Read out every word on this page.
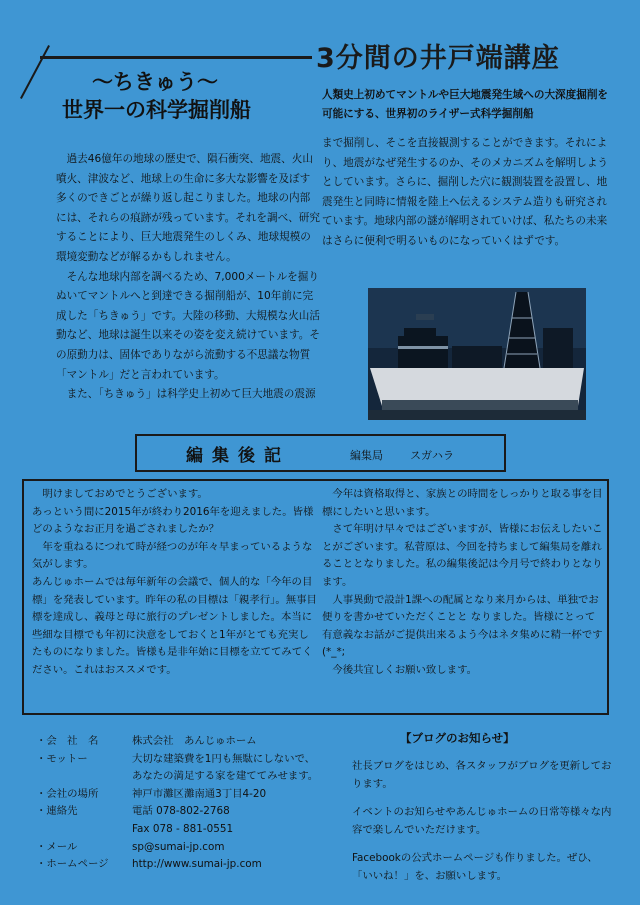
3分間の井戸端講座
～ちきゅう～
世界一の科学掘削船
人類史上初めてマントルや巨大地震発生域への大深度掘削を可能にする、世界初のライザー式科学掘削船

過去46億年の地球の歴史で、隕石衝突、地震、火山噴火、津波など、地球上の生命に多大な影響を及ぼす多くのできごとが繰り返し起こりました。地球の内部には、それらの痕跡が残っています。それを調べ、研究することにより、巨大地震発生のしくみ、地球規模の環境変動などが解るかもしれません。

そんな地球内部を調べるため、7,000メートルを掘りぬいてマントルへと到達できる掘削船が、10年前に完成した「ちきゅう」です。大陸の移動、大規模な火山活動など、地球は誕生以来その姿を変え続けています。その原動力は、固体でありながら流動する不思議な物質「マントル」だと言われています。

また、「ちきゅう」は科学史上初めて巨大地震の震源

まで掘削し、そこを直接観測することができます。それにより、地震がなぜ発生するのか、そのメカニズムを解明しようとしています。さらに、掘削した穴に観測装置を設置し、地震発生と同時に情報を陸上へ伝えるシステム造りも研究されています。地球内部の謎が解明されていけば、私たちの未来はさらに便利で明るいものになっていくはずです。

編集後記	編集局 スガハラ

明けましておめでとうございます。

あっという間に2015年が終わり2016年を迎えました。皆様どのようなお正月を過ごされましたか？

年を重ねるにつれて時が経つのが年々早まっているような気がします。

あんじゅホームでは毎年新年の会議で、個人的な「今年の目標」を発表しています。昨年の私の目標は「親孝行」。無事目標を達成し、義母と母に旅行のプレゼントしました。本当に些細な目標でも年初に決意をしておくと1年がとても充実したものになりました。皆様も是非年始に目標を立ててみてください。これはおススメです。

今年は資格取得と、家族との時間をしっかりと取る事を目標にしたいと思います。

さて年明け早々ではございますが、皆様にお伝えしたいことがございます。私菅原は、今回を持ちまして編集局を離れることとなりました。私の編集後記は今月号で終わりとなります。

人事異動で設計1課への配属となり来月からは、単独でお便りを書かせていただくことと なりました。皆様にとって有意義なお話がご提供出来るよう今はネタ集めに精一杯です(*_*;

今後共宜しくお願い致します。

・会　社　名	株式会社　あんじゅホーム
・モットー	大切な建築費を1円も無駄にしないで、
あなたの満足する家を建ててみせます。
・会社の場所	神戸市灘区灘南通3丁目4-20
・連絡先	電話 078-802-2768
Fax 078 - 881-0551
・メール	sp@sumai-jp.com
・ホームページ	http://www.sumai-jp.com
【ブログのお知らせ】

社長ブログをはじめ、各スタッフがブログを更新しております。

イベントのお知らせやあんじゅホームの日常等様々な内容で楽しんでいただけます。

Facebookの公式ホームページも作りました。ぜひ、「いいね！」を、お願いします。
